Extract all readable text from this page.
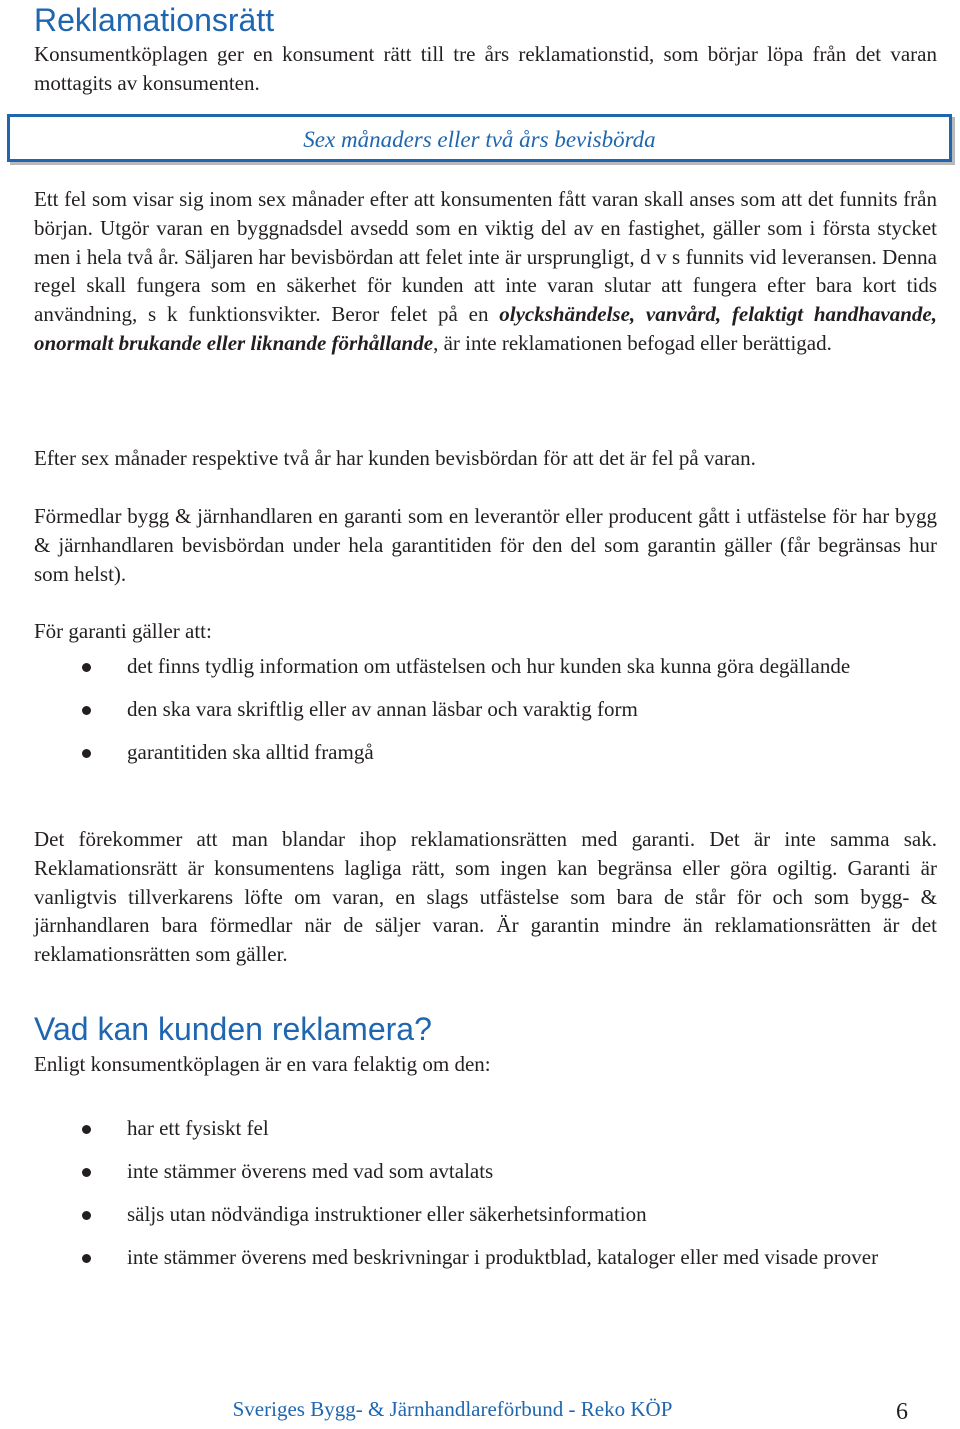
Reklamationsrätt

Konsumentköplagen ger en konsument rätt till tre års reklamationstid, som börjar löpa från det varan mottagits av konsumenten.

Sex månaders eller två års bevisbörda

Ett fel som visar sig inom sex månader efter att konsumenten fått varan skall anses som att det funnits från början. Utgör varan en byggnadsdel avsedd som en viktig del av en fastighet, gäller som i första stycket men i hela två år. Säljaren har bevisbördan att felet inte är ursprungligt, d v s funnits vid leveransen. Denna regel skall fungera som en säkerhet för kunden att inte varan slutar att fungera efter bara kort tids användning, s k funktionsvikter. Beror felet på en olyckshändelse, vanvård, felaktigt handhavande, onormalt brukande eller liknande förhållande, är inte reklamationen befogad eller berättigad.

Efter sex månader respektive två år har kunden bevisbördan för att det är fel på varan.

Förmedlar bygg & järnhandlaren en garanti som en leverantör eller producent gått i utfästelse för har bygg & järnhandlaren bevisbördan under hela garantitiden för den del som garantin gäller (får begränsas hur som helst).

För garanti gäller att:

det finns tydlig information om utfästelsen och hur kunden ska kunna göra degällande
den ska vara skriftlig eller av annan läsbar och varaktig form
garantitiden ska alltid framgå

Det förekommer att man blandar ihop reklamationsrätten med garanti. Det är inte samma sak. Reklamationsrätt är konsumentens lagliga rätt, som ingen kan begränsa eller göra ogiltig. Garanti är vanligtvis tillverkarens löfte om varan, en slags utfästelse som bara de står för och som bygg- & järnhandlaren bara förmedlar när de säljer varan. Är garantin mindre än reklamationsrätten är det reklamationsrätten som gäller.

Vad kan kunden reklamera?

Enligt konsumentköplagen är en vara felaktig om den:

har ett fysiskt fel
inte stämmer överens med vad som avtalats
säljs utan nödvändiga instruktioner eller säkerhetsinformation
inte stämmer överens med beskrivningar i produktblad, kataloger eller med visade prover
Sveriges Bygg- & Järnhandlareförbund - Reko KÖP	6
